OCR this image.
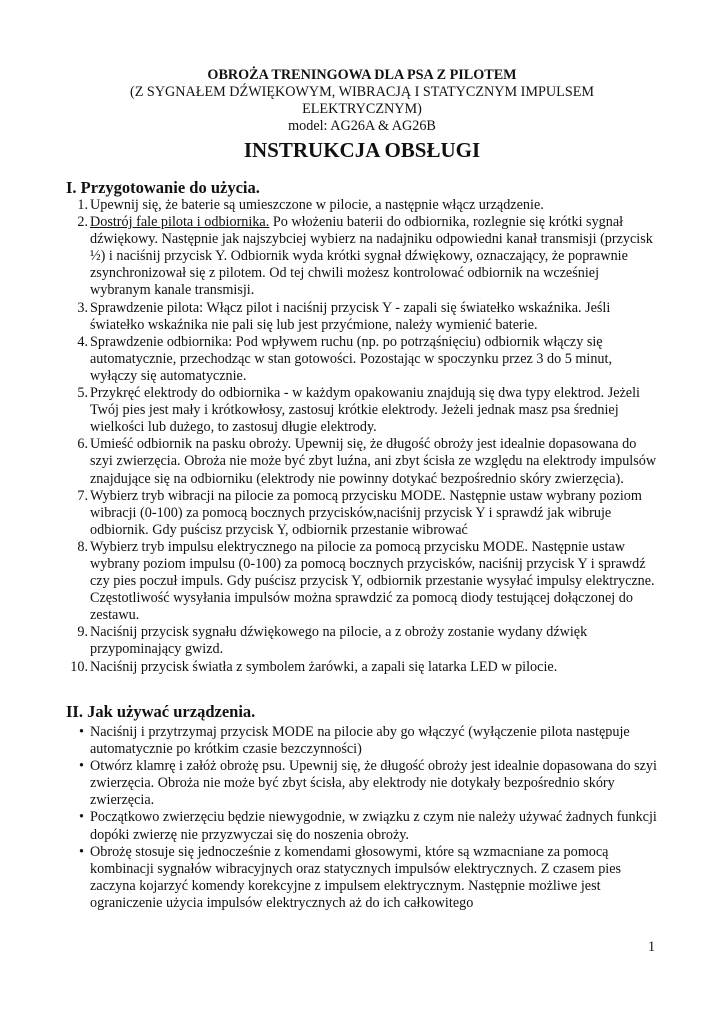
OBROŻA TRENINGOWA DLA PSA Z PILOTEM
(Z SYGNAŁEM DŹWIĘKOWYM, WIBRACJĄ I STATYCZNYM IMPULSEM
ELEKTRYCZNYM)
model: AG26A & AG26B
INSTRUKCJA OBSŁUGI
I. Przygotowanie do użycia.
1. Upewnij się, że baterie są umieszczone w pilocie, a następnie włącz urządzenie.
2. Dostrój fale pilota i odbiornika. Po włożeniu baterii do odbiornika, rozlegnie się krótki sygnał dźwiękowy. Następnie jak najszybciej wybierz na nadajniku odpowiedni kanał transmisji (przycisk ½) i naciśnij przycisk Y. Odbiornik wyda krótki sygnał dźwiękowy, oznaczający, że poprawnie zsynchronizował się z pilotem. Od tej chwili możesz kontrolować odbiornik na wcześniej wybranym kanale transmisji.
3. Sprawdzenie pilota: Włącz pilot i naciśnij przycisk Y - zapali się światełko wskaźnika. Jeśli światełko wskaźnika nie pali się lub jest przyćmione, należy wymienić baterie.
4. Sprawdzenie odbiornika: Pod wpływem ruchu (np. po potrząśnięciu) odbiornik włączy się automatycznie, przechodząc w stan gotowości. Pozostając w spoczynku przez 3 do 5 minut, wyłączy się automatycznie.
5. Przykręć elektrody do odbiornika - w każdym opakowaniu znajdują się dwa typy elektrod. Jeżeli Twój pies jest mały i krótkowłosy, zastosuj krótkie elektrody. Jeżeli jednak masz psa średniej wielkości lub dużego, to zastosuj długie elektrody.
6. Umieść odbiornik na pasku obroży. Upewnij się, że długość obroży jest idealnie dopasowana do szyi zwierzęcia. Obroża nie może być zbyt luźna, ani zbyt ścisła ze względu na elektrody impulsów znajdujące się na odbiorniku (elektrody nie powinny dotykać bezpośrednio skóry zwierzęcia).
7. Wybierz tryb wibracji na pilocie za pomocą przycisku MODE. Następnie ustaw wybrany poziom wibracji (0-100) za pomocą bocznych przycisków,naciśnij przycisk Y i sprawdź jak wibruje odbiornik. Gdy puścisz przycisk Y, odbiornik przestanie wibrować
8. Wybierz tryb impulsu elektrycznego na pilocie za pomocą przycisku MODE. Następnie ustaw wybrany poziom impulsu (0-100) za pomocą bocznych przycisków, naciśnij przycisk Y i sprawdź czy pies poczuł impuls. Gdy puścisz przycisk Y, odbiornik przestanie wysyłać impulsy elektryczne. Częstotliwość wysyłania impulsów można sprawdzić za pomocą diody testującej dołączonej do zestawu.
9. Naciśnij przycisk sygnału dźwiękowego na pilocie, a z obroży zostanie wydany dźwięk przypominający gwizd.
10. Naciśnij przycisk światła z symbolem żarówki, a zapali się latarka LED w pilocie.
II. Jak używać urządzenia.
• Naciśnij i przytrzymaj przycisk MODE na pilocie aby go włączyć (wyłączenie pilota następuje automatycznie po krótkim czasie bezczynności)
• Otwórz klamrę i załóż obrożę psu. Upewnij się, że długość obroży jest idealnie dopasowana do szyi zwierzęcia. Obroża nie może być zbyt ścisła, aby elektrody nie dotykały bezpośrednio skóry zwierzęcia.
• Początkowo zwierzęciu będzie niewygodnie, w związku z czym nie należy używać żadnych funkcji dopóki zwierzę nie przyzwyczai się do noszenia obroży.
• Obrożę stosuje się jednocześnie z komendami głosowymi, które są wzmacniane za pomocą kombinacji sygnałów wibracyjnych oraz statycznych impulsów elektrycznych. Z czasem pies zaczyna kojarzyć komendy korekcyjne z impulsem elektrycznym. Następnie możliwe jest ograniczenie użycia impulsów elektrycznych aż do ich całkowitego
1
